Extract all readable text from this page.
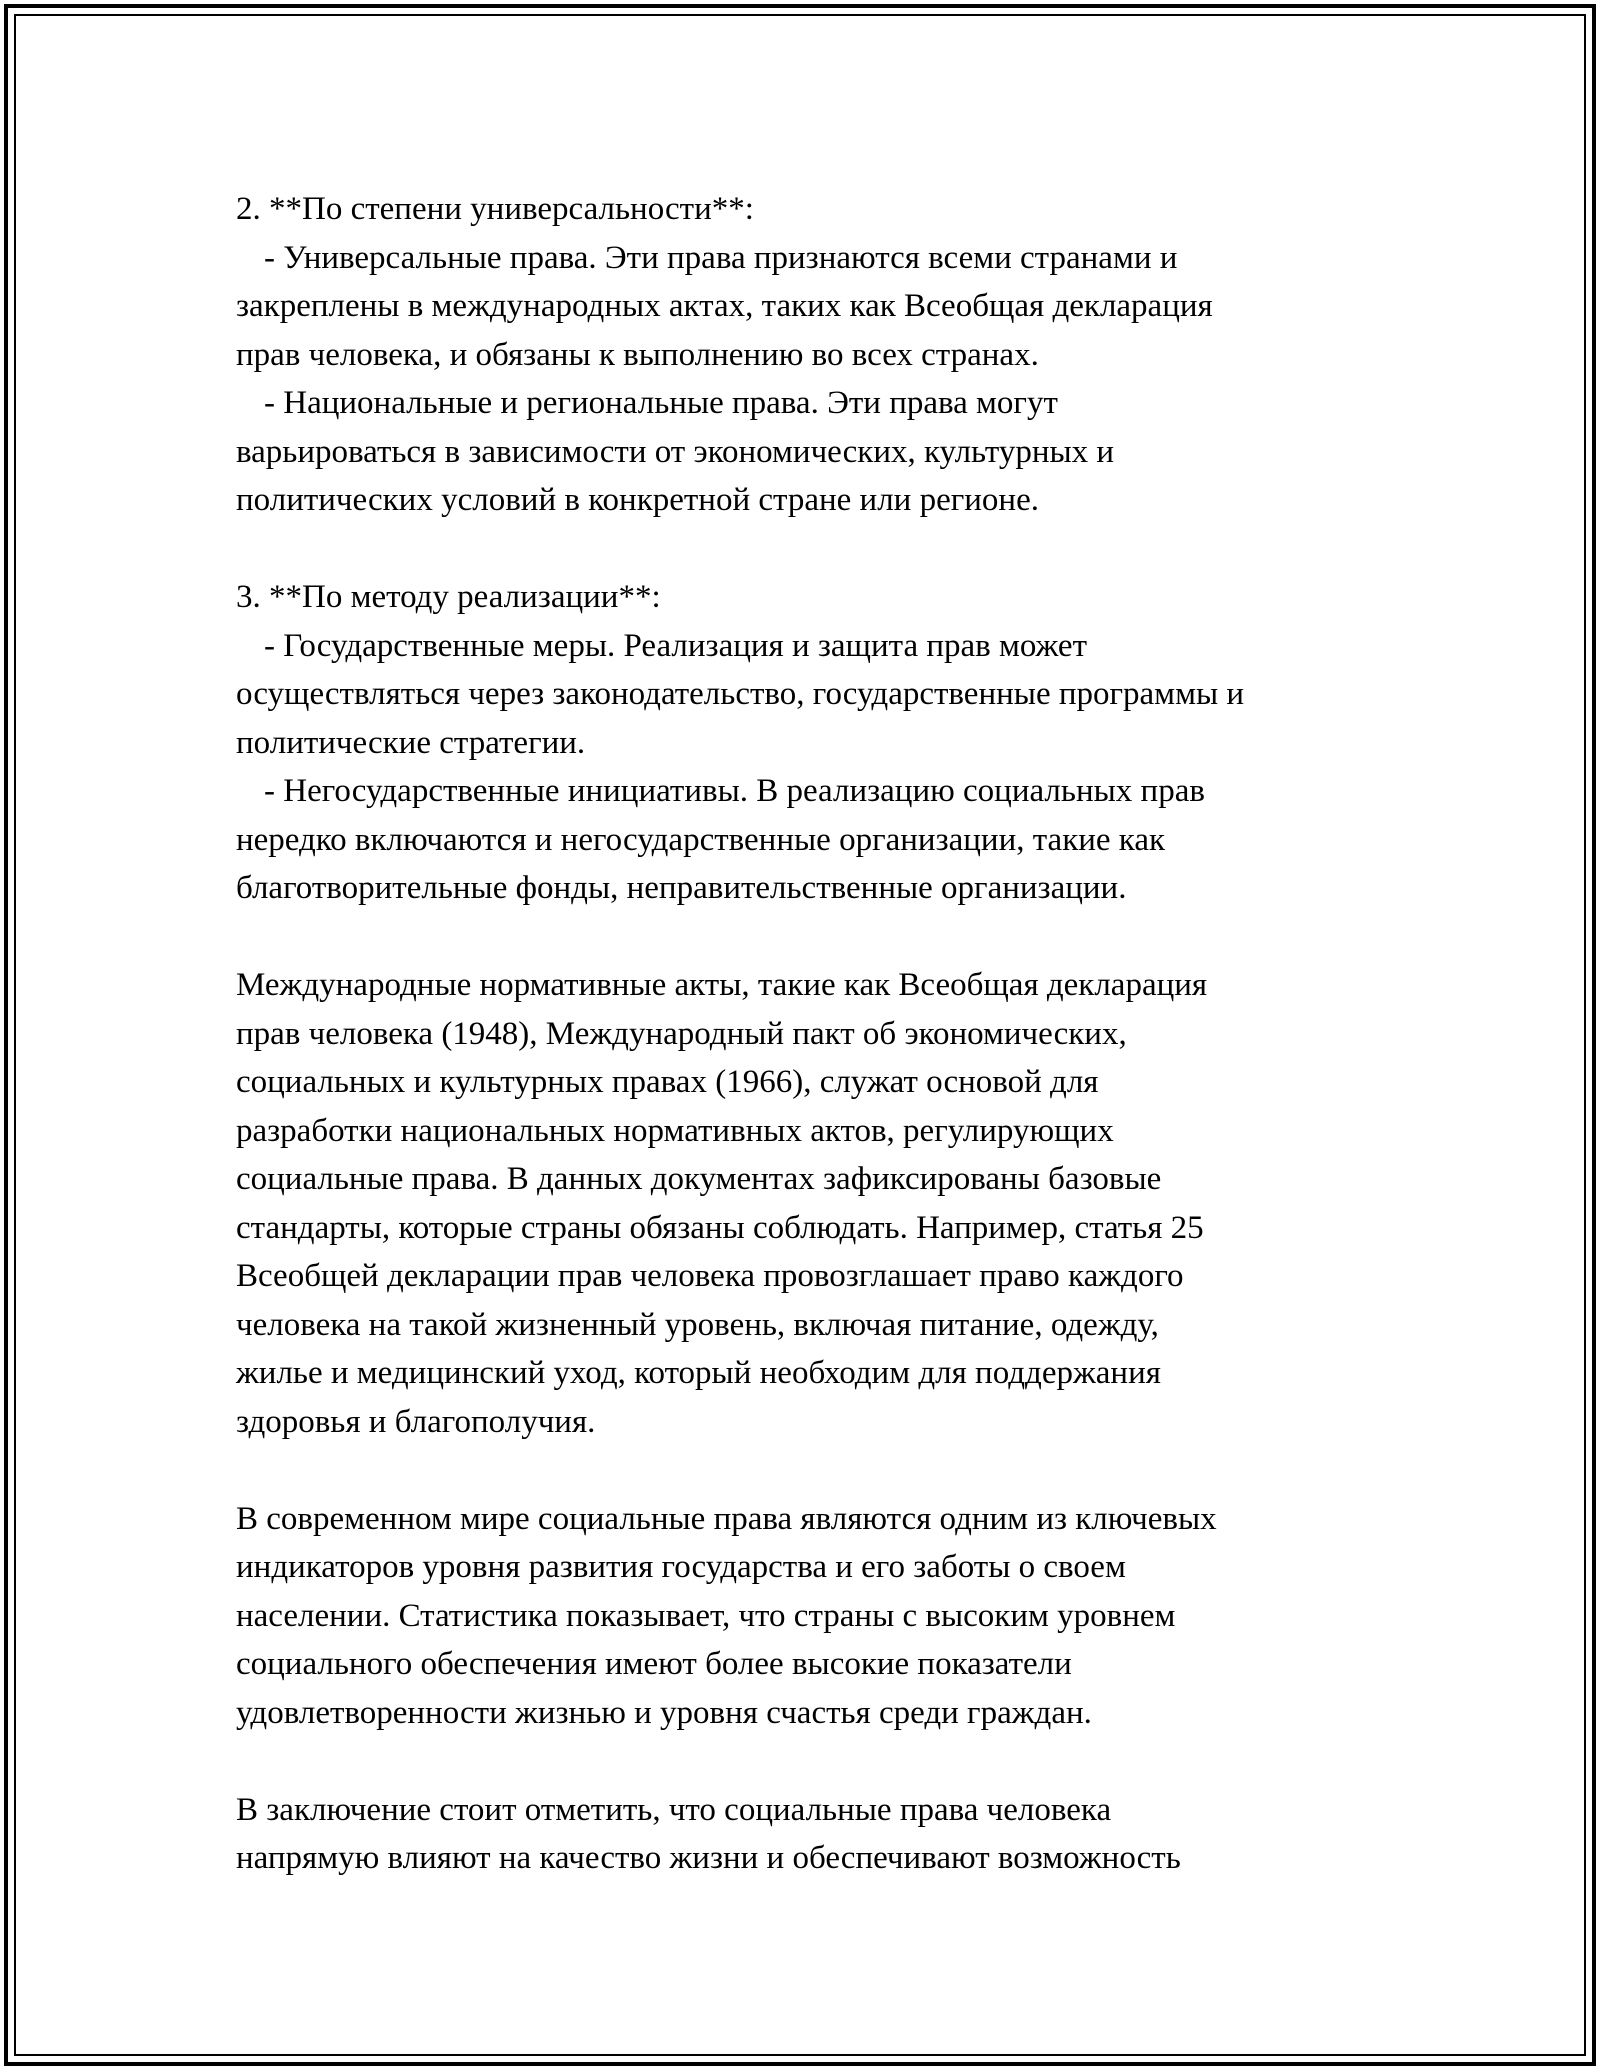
2. **По степени универсальности**:
- Универсальные права. Эти права признаются всеми странами и
закреплены в международных актах, таких как Всеобщая декларация
прав человека, и обязаны к выполнению во всех странах.
- Национальные и региональные права. Эти права могут
варьироваться в зависимости от экономических, культурных и
политических условий в конкретной стране или регионе.
3. **По методу реализации**:
- Государственные меры. Реализация и защита прав может
осуществляться через законодательство, государственные программы и
политические стратегии.
- Негосударственные инициативы. В реализацию социальных прав
нередко включаются и негосударственные организации, такие как
благотворительные фонды, неправительственные организации.
Международные нормативные акты, такие как Всеобщая декларация
прав человека (1948), Международный пакт об экономических,
социальных и культурных правах (1966), служат основой для
разработки национальных нормативных актов, регулирующих
социальные права. В данных документах зафиксированы базовые
стандарты, которые страны обязаны соблюдать. Например, статья 25
Всеобщей декларации прав человека провозглашает право каждого
человека на такой жизненный уровень, включая питание, одежду,
жилье и медицинский уход, который необходим для поддержания
здоровья и благополучия.
В современном мире социальные права являются одним из ключевых
индикаторов уровня развития государства и его заботы о своем
населении. Статистика показывает, что страны с высоким уровнем
социального обеспечения имеют более высокие показатели
удовлетворенности жизнью и уровня счастья среди граждан.
В заключение стоит отметить, что социальные права человека
напрямую влияют на качество жизни и обеспечивают возможность
